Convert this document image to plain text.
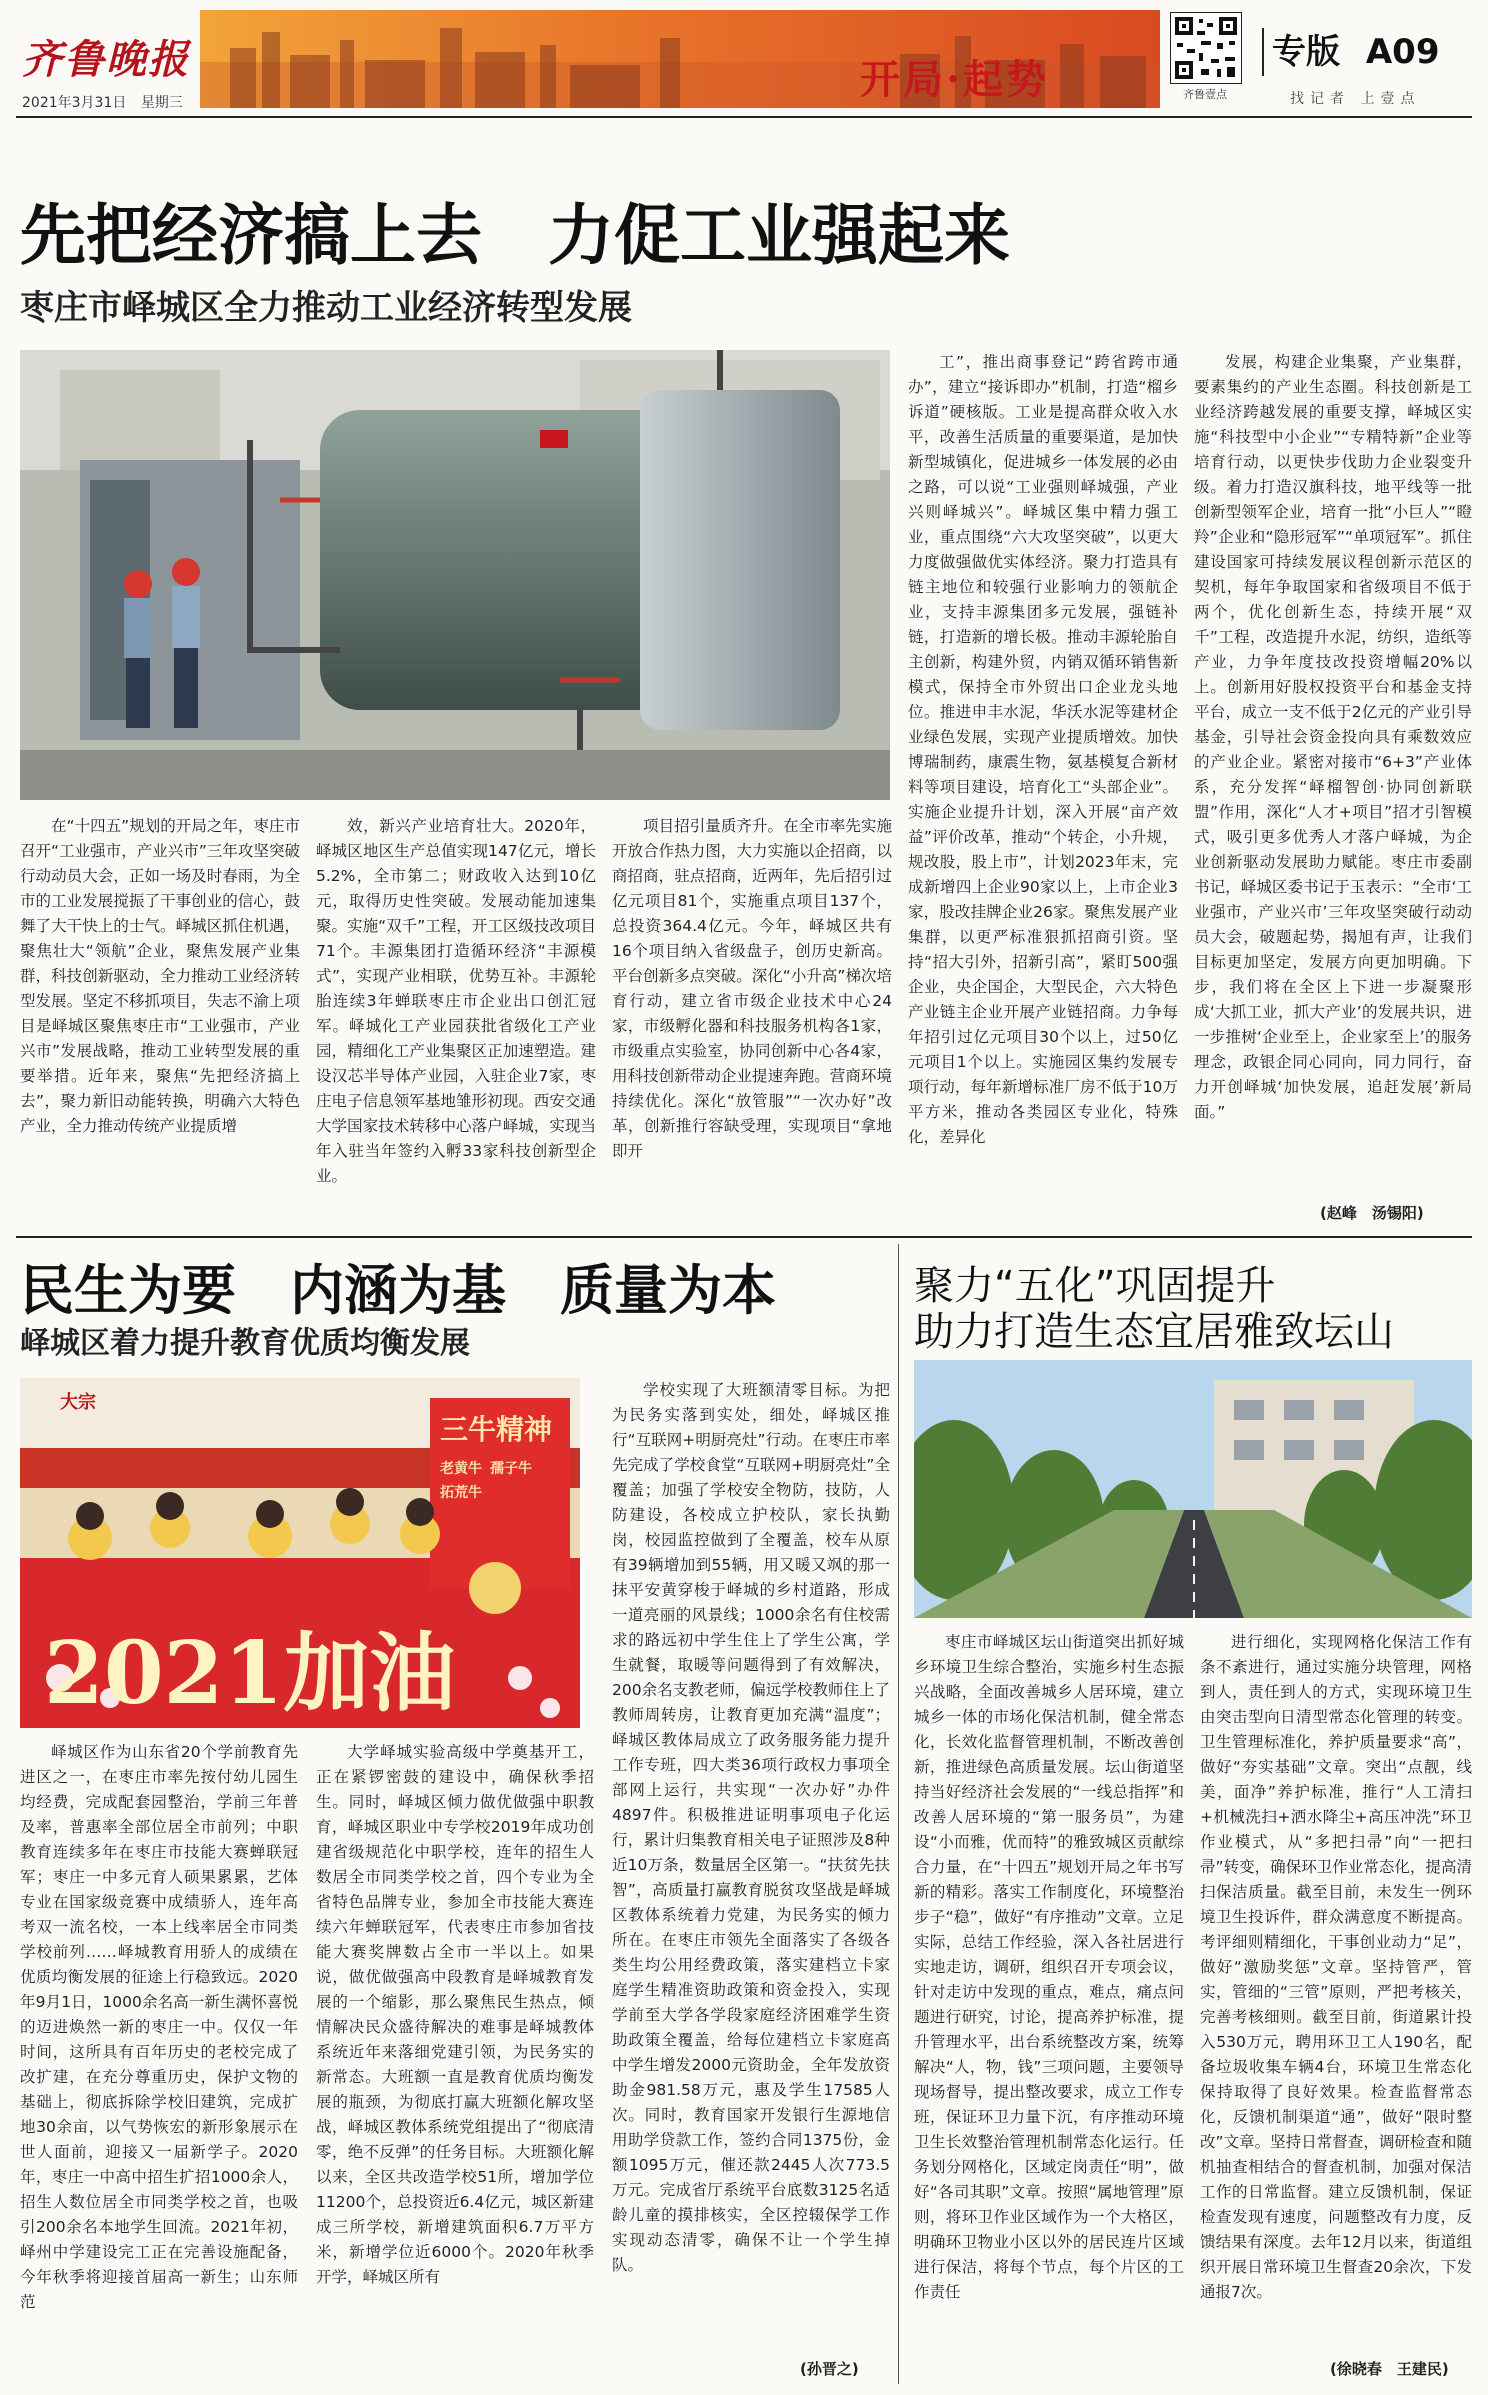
齐鲁晚报
2021年3月31日 星期三	开局·起势	齐鲁壹点
专版 A09
找记者 上壹点
先把经济搞上去　力促工业强起来
枣庄市峄城区全力推动工业经济转型发展

在“十四五”规划的开局之年，枣庄市召开“工业强市，产业兴市”三年攻坚突破行动动员大会，正如一场及时春雨，为全市的工业发展搅振了干事创业的信心，鼓舞了大干快上的士气。峄城区抓住机遇，聚焦壮大“领航”企业，聚焦发展产业集群，科技创新驱动，全力推动工业经济转型发展。坚定不移抓项目，失志不渝上项目是峄城区聚焦枣庄市“工业强市，产业兴市”发展战略，推动工业转型发展的重要举措。近年来，聚焦“先把经济搞上去”，聚力新旧动能转换，明确六大特色产业，全力推动传统产业提质增

效，新兴产业培育壮大。2020年，峄城区地区生产总值实现147亿元，增长5.2%，全市第二；财政收入达到10亿元，取得历史性突破。发展动能加速集聚。实施“双千”工程，开工区级技改项目71个。丰源集团打造循环经济“丰源模式”，实现产业相联，优势互补。丰源轮胎连续3年蝉联枣庄市企业出口创汇冠军。峄城化工产业园获批省级化工产业园，精细化工产业集聚区正加速塑造。建设汉芯半导体产业园，入驻企业7家，枣庄电子信息领军基地雏形初现。西安交通大学国家技术转移中心落户峄城，实现当年入驻当年签约入孵33家科技创新型企业。

项目招引量质齐升。在全市率先实施开放合作热力图，大力实施以企招商，以商招商，驻点招商，近两年，先后招引过亿元项目81个，实施重点项目137个，总投资364.4亿元。今年，峄城区共有16个项目纳入省级盘子，创历史新高。平台创新多点突破。深化“小升高”梯次培育行动，建立省市级企业技术中心24家，市级孵化器和科技服务机构各1家，市级重点实验室，协同创新中心各4家，用科技创新带动企业提速奔跑。营商环境持续优化。深化“放管服”“一次办好”改革，创新推行容缺受理，实现项目“拿地即开

工”，推出商事登记“跨省跨市通办”，建立“接诉即办”机制，打造“榴乡诉道”硬核版。工业是提高群众收入水平，改善生活质量的重要渠道，是加快新型城镇化，促进城乡一体发展的必由之路，可以说“工业强则峄城强，产业兴则峄城兴”。峄城区集中精力强工业，重点围绕“六大攻坚突破”，以更大力度做强做优实体经济。聚力打造具有链主地位和较强行业影响力的领航企业，支持丰源集团多元发展，强链补链，打造新的增长极。推动丰源轮胎自主创新，构建外贸，内销双循环销售新模式，保持全市外贸出口企业龙头地位。推进申丰水泥，华沃水泥等建材企业绿色发展，实现产业提质增效。加快博瑞制药，康震生物，氨基模复合新材料等项目建设，培育化工“头部企业”。实施企业提升计划，深入开展“亩产效益”评价改革，推动“个转企，小升规，规改股，股上市”，计划2023年末，完成新增四上企业90家以上，上市企业3家，股改挂牌企业26家。聚焦发展产业集群，以更严标准狠抓招商引资。坚持“招大引外，招新引高”，紧盯500强企业，央企国企，大型民企，六大特色产业链主企业开展产业链招商。力争每年招引过亿元项目30个以上，过50亿元项目1个以上。实施园区集约发展专项行动，每年新增标准厂房不低于10万平方米，推动各类园区专业化，特殊化，差异化

发展，构建企业集聚，产业集群，要素集约的产业生态圈。科技创新是工业经济跨越发展的重要支撑，峄城区实施“科技型中小企业”“专精特新”企业等培育行动，以更快步伐助力企业裂变升级。着力打造汉旗科技，地平线等一批创新型领军企业，培育一批“小巨人”“瞪羚”企业和“隐形冠军”“单项冠军”。抓住建设国家可持续发展议程创新示范区的契机，每年争取国家和省级项目不低于两个，优化创新生态，持续开展“双千”工程，改造提升水泥，纺织，造纸等产业，力争年度技改投资增幅20%以上。创新用好股权投资平台和基金支持平台，成立一支不低于2亿元的产业引导基金，引导社会资金投向具有乘数效应的产业企业。紧密对接市“6+3”产业体系，充分发挥“峄榴智创·协同创新联盟”作用，深化“人才+项目”招才引智模式，吸引更多优秀人才落户峄城，为企业创新驱动发展助力赋能。枣庄市委副书记，峄城区委书记于玉表示：“全市‘工业强市，产业兴市’三年攻坚突破行动动员大会，破题起势，揭旭有声，让我们目标更加坚定，发展方向更加明确。下步，我们将在全区上下进一步凝聚形成‘大抓工业，抓大产业’的发展共识，进一步推树‘企业至上，企业家至上’的服务理念，政银企同心同向，同力同行，奋力开创峄城‘加快发展，追赶发展’新局面。”

(赵峰　汤锡阳)
民生为要　内涵为基　质量为本
峄城区着力提升教育优质均衡发展
大宗
三牛精神
老黄牛 孺子牛
拓荒牛
2021加油

峄城区作为山东省20个学前教育先进区之一，在枣庄市率先按付幼儿园生均经费，完成配套园整治，学前三年普及率，普惠率全部位居全市前列；中职教育连续多年在枣庄市技能大赛蝉联冠军；枣庄一中多元育人硕果累累，艺体专业在国家级竞赛中成绩骄人，连年高考双一流名校，一本上线率居全市同类学校前列……峄城教育用骄人的成绩在优质均衡发展的征途上行稳致远。2020年9月1日，1000余名高一新生满怀喜悦的迈进焕然一新的枣庄一中。仅仅一年时间，这所具有百年历史的老校完成了改扩建，在充分尊重历史，保护文物的基础上，彻底拆除学校旧建筑，完成扩地30余亩，以气势恢宏的新形象展示在世人面前，迎接又一届新学子。2020年，枣庄一中高中招生扩招1000余人，招生人数位居全市同类学校之首，也吸引200余名本地学生回流。2021年初，峄州中学建设完工正在完善设施配备，今年秋季将迎接首届高一新生；山东师范

大学峄城实验高级中学奠基开工，正在紧锣密鼓的建设中，确保秋季招生。同时，峄城区倾力做优做强中职教育，峄城区职业中专学校2019年成功创建省级规范化中职学校，连年的招生人数居全市同类学校之首，四个专业为全省特色品牌专业，参加全市技能大赛连续六年蝉联冠军，代表枣庄市参加省技能大赛奖牌数占全市一半以上。如果说，做优做强高中段教育是峄城教育发展的一个缩影，那么聚焦民生热点，倾情解决民众盛待解决的难事是峄城教体系统近年来落细党建引领，为民务实的新常态。大班额一直是教育优质均衡发展的瓶颈，为彻底打赢大班额化解攻坚战，峄城区教体系统党组提出了“彻底清零，绝不反弹”的任务目标。大班额化解以来，全区共改造学校51所，增加学位11200个，总投资近6.4亿元，城区新建成三所学校，新增建筑面积6.7万平方米，新增学位近6000个。2020年秋季开学，峄城区所有

学校实现了大班额清零目标。为把为民务实落到实处，细处，峄城区推行“互联网+明厨亮灶”行动。在枣庄市率先完成了学校食堂“互联网+明厨亮灶”全覆盖；加强了学校安全物防，技防，人防建设，各校成立护校队，家长执勤岗，校园监控做到了全覆盖，校车从原有39辆增加到55辆，用又暖又飒的那一抹平安黄穿梭于峄城的乡村道路，形成一道亮丽的风景线；1000余名有住校需求的路远初中学生住上了学生公寓，学生就餐，取暖等问题得到了有效解决，200余名支教老师，偏远学校教师住上了教师周转房，让教育更加充满“温度”；峄城区教体局成立了政务服务能力提升工作专班，四大类36项行政权力事项全部网上运行，共实现“一次办好”办件4897件。积极推进证明事项电子化运行，累计归集教育相关电子证照涉及8种近10万条，数量居全区第一。“扶贫先扶智”，高质量打赢教育脱贫攻坚战是峄城区教体系统着力党建，为民务实的倾力所在。在枣庄市领先全面落实了各级各类生均公用经费政策，落实建档立卡家庭学生精准资助政策和资金投入，实现学前至大学各学段家庭经济困难学生资助政策全覆盖，给每位建档立卡家庭高中学生增发2000元资助金，全年发放资助金981.58万元，惠及学生17585人次。同时，教育国家开发银行生源地信用助学贷款工作，签约合同1375份，金额1095万元，催还款2445人次773.5万元。完成省厅系统平台底数3125名适龄儿童的摸排核实，全区控辍保学工作实现动态清零，确保不让一个学生掉队。

(孙晋之)
聚力“五化”巩固提升
助力打造生态宜居雅致坛山

枣庄市峄城区坛山街道突出抓好城乡环境卫生综合整治，实施乡村生态振兴战略，全面改善城乡人居环境，建立城乡一体的市场化保洁机制，健全常态化，长效化监督管理机制，不断改善创新，推进绿色高质量发展。坛山街道坚持当好经济社会发展的“一线总指挥”和改善人居环境的“第一服务员”，为建设“小而雅，优而特”的雅致城区贡献综合力量，在“十四五”规划开局之年书写新的精彩。落实工作制度化，环境整治步子“稳”，做好“有序推动”文章。立足实际，总结工作经验，深入各社居进行实地走访，调研，组织召开专项会议，针对走访中发现的重点，难点，痛点问题进行研究，讨论，提高养护标准，提升管理水平，出台系统整改方案，统筹解决“人，物，钱”三项问题，主要领导现场督导，提出整改要求，成立工作专班，保证环卫力量下沉，有序推动环境卫生长效整治管理机制常态化运行。任务划分网格化，区域定岗责任“明”，做好“各司其职”文章。按照“属地管理”原则，将环卫作业区域作为一个大格区，明确环卫物业小区以外的居民连片区域进行保洁，将每个节点，每个片区的工作责任

进行细化，实现网格化保洁工作有条不紊进行，通过实施分块管理，网格到人，责任到人的方式，实现环境卫生由突击型向日清型常态化管理的转变。卫生管理标准化，养护质量要求“高”，做好“夯实基础”文章。突出“点靓，线美，面净”养护标准，推行“人工清扫+机械洗扫+洒水降尘+高压冲洗”环卫作业模式，从“多把扫帚”向“一把扫帚”转变，确保环卫作业常态化，提高清扫保洁质量。截至目前，未发生一例环境卫生投诉件，群众满意度不断提高。考评细则精细化，干事创业动力“足”，做好“激励奖惩”文章。坚持管严，管实，管细的“三管”原则，严把考核关，完善考核细则。截至目前，街道累计投入530万元，聘用环卫工人190名，配备垃圾收集车辆4台，环境卫生常态化保持取得了良好效果。检查监督常态化，反馈机制渠道“通”，做好“限时整改”文章。坚持日常督查，调研检查和随机抽查相结合的督查机制，加强对保洁工作的日常监督。建立反馈机制，保证检查发现有速度，问题整改有力度，反馈结果有深度。去年12月以来，街道组织开展日常环境卫生督查20余次，下发通报7次。

(徐晓春　王建民)
